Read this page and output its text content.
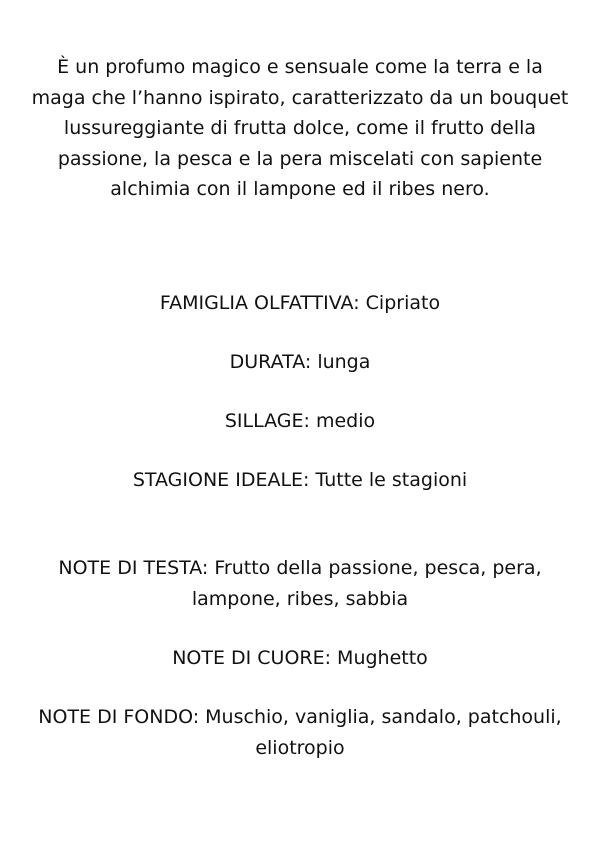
È un profumo magico e sensuale come la terra e la maga che l’hanno ispirato, caratterizzato da un bouquet lussureggiante di frutta dolce, come il frutto della passione, la pesca e la pera miscelati con sapiente alchimia con il lampone ed il ribes nero.

FAMIGLIA OLFATTIVA: Cipriato

DURATA: lunga

SILLAGE: medio

STAGIONE IDEALE: Tutte le stagioni

NOTE DI TESTA: Frutto della passione, pesca, pera, lampone, ribes, sabbia

NOTE DI CUORE: Mughetto

NOTE DI FONDO: Muschio, vaniglia, sandalo, patchouli, eliotropio
